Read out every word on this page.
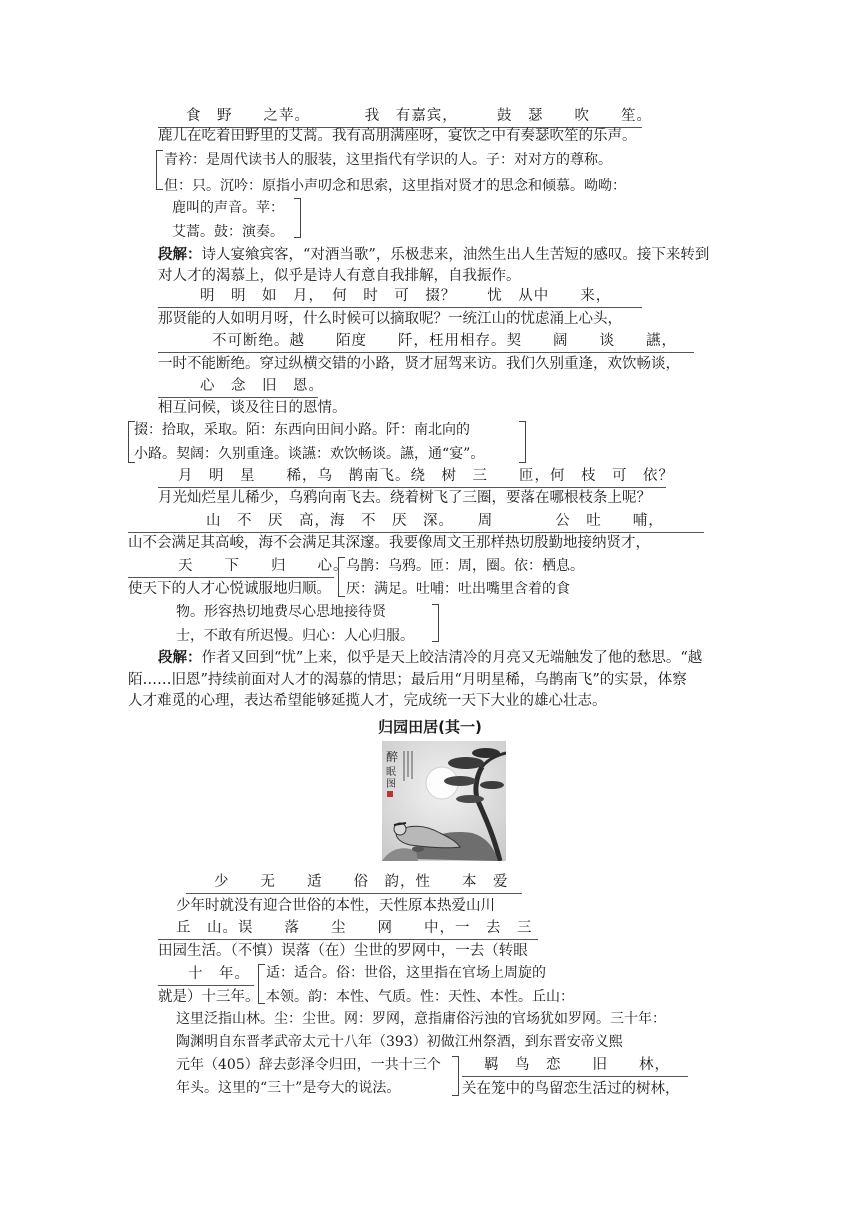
食　野　　之苹。　　　　我　有嘉宾，　　　鼓　瑟　　吹　　笙。
鹿儿在吃着田野里的艾蒿。我有高朋满座呀，宴饮之中有奏瑟吹笙的乐声。
青衿：是周代读书人的服装，这里指代有学识的人。子：对对方的尊称。
但：只。沉吟：原指小声叨念和思索，这里指对贤才的思念和倾慕。呦呦：
鹿叫的声音。苹：
艾蒿。鼓：演奏。
段解：诗人宴飨宾客，“对酒当歌”，乐极悲来，油然生出人生苦短的感叹。接下来转到
对人才的渴慕上，似乎是诗人有意自我排解，自我振作。
明　明　如　月，　何　时　可　掇？　　忧　从中　　来，
那贤能的人如明月呀，什么时候可以摘取呢？一统江山的忧虑涌上心头，
不可断绝。越　　陌度　　阡，枉用相存。契　　阔　　谈　　讌，
一时不能断绝。穿过纵横交错的小路，贤才屈驾来访。我们久别重逢，欢饮畅谈，
心　念　旧　恩。
相互问候，谈及往日的恩情。
掇：拾取，采取。陌：东西向田间小路。阡：南北向的
小路。契阔：久别重逢。谈讌：欢饮畅谈。讌，通“宴”。
月　明　星　　稀，乌　鹊南飞。绕　树　三　　匝，何　枝　可　依？
月光灿烂星儿稀少，乌鸦向南飞去。绕着树飞了三圈，要落在哪根枝条上呢？
山　不　厌　高，海　不　厌　深。　　周　　　　公　吐　　哺，
山不会满足其高峻，海不会满足其深邃。我要像周文王那样热切殷勤地接纳贤才，
天　　下　　归　　心。
乌鹊：乌鸦。匝：周，圈。依：栖息。
使天下的人才心悦诚服地归顺。 厌：满足。吐哺：吐出嘴里含着的食
物。形容热切地费尽心思地接待贤
士，不敢有所迟慢。归心：人心归服。
段解：作者又回到“忧”上来，似乎是天上皎洁清冷的月亮又无端触发了他的愁思。“越
陌……旧恩”持续前面对人才的渴慕的情思；最后用“月明星稀，乌鹊南飞”的实景，体察
人才难觅的心理，表达希望能够延揽人才，完成统一天下大业的雄心壮志。
归园田居(其一)
醉
眠
图
少　　无　　适　　俗　韵，性　　本　爱
少年时就没有迎合世俗的本性，天性原本热爱山川
丘　山。误　　落　　尘　　网　　中，一　去　三
田园生活。（不慎）误落（在）尘世的罗网中，一去（转眼
十　年。 适：适合。俗：世俗，这里指在官场上周旋的
就是）十三年。 本领。韵：本性、气质。性：天性、本性。丘山：
这里泛指山林。尘：尘世。网：罗网，意指庸俗污浊的官场犹如罗网。三十年：
陶渊明自东晋孝武帝太元十八年（393）初做江州祭酒，到东晋安帝义熙
元年（405）辞去彭泽令归田，一共十三个
年头。这里的“三十”是夸大的说法。
羁　鸟　恋　　旧　　林，
关在笼中的鸟留恋生活过的树林，
